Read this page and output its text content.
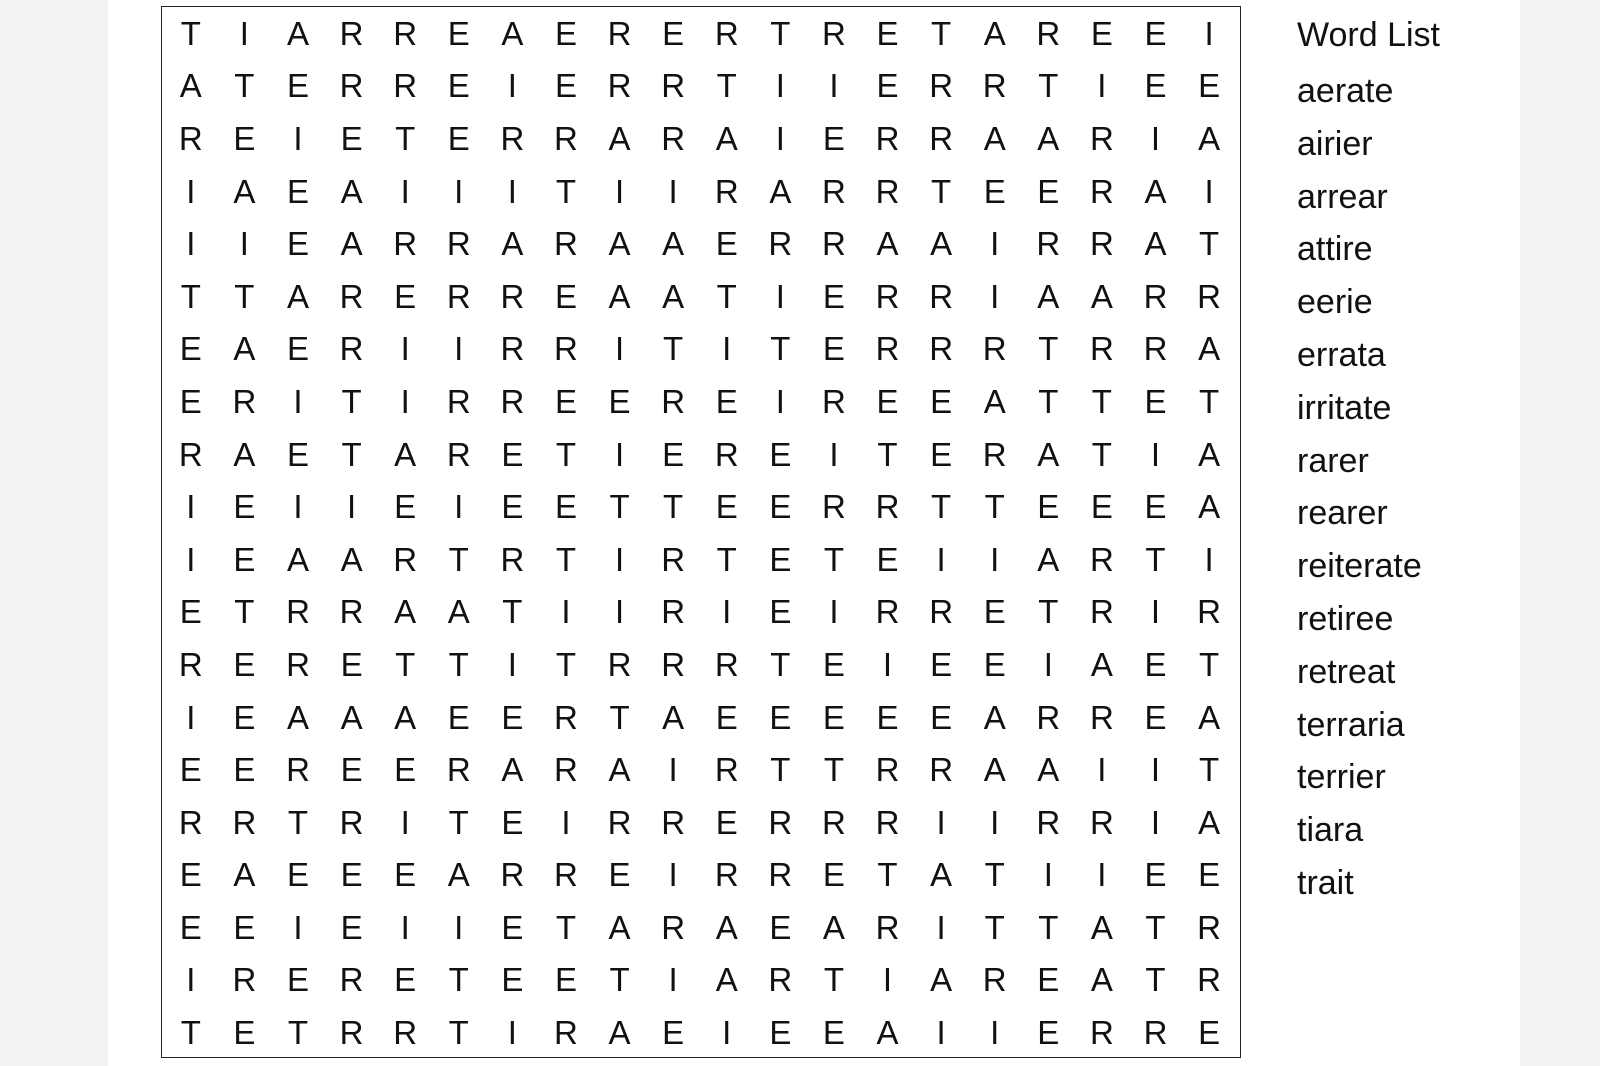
T	I	A R R E A E R E R T R E T A R E E	I
A T E R R E	I	E R R T	I	I	E R R T	I	E E
R E	I	E T E R R A R A	I	E R R A A R	I	A
I	A E A	I	I	I	T	I	I	R A R R T E E R A	I
I	I	E A R R A R A A E R R A A	I	R R A T
T	T A R E R R E A A T	I	E R R	I	A A R R
E A E R	I	I	R R	I	T	I	T E R R R T R R A
E R	I	T	I	R R E E R E	I	R E E A T	T E T
R A E T A R E T	I	E R E	I	T E R A T	I	A
I	E	I	I	E	I	E E T	T E E R R T	T E E E A
I	E A A R T R T	I	R T E T E	I	I	A R T	I
E T R R A A T	I	I	R	I	E	I	R R E T R	I	R
R E R E T	T	I	T R R R T E	I	E E	I	A E T
I	E A A A E E R T A E E E E E A R R E A
E E R E E R A R A	I	R T	T R R A A	I	I	T
R R T R	I	T E	I	R R E R R R	I	I	R R	I	A
E A E E E A R R E	I	R R E T A T	I	I	E E
E E	I	E	I	I	E T A R A E A R	I	T	T A T R
I	R E R E T E E T	I	A R T	I	A R E A T R
T E T R R T	I	R A E	I	E E A	I	I	E R R E
Word List
aerate
airier
arrear
attire
eerie
errata
irritate
rarer
rearer
reiterate
retiree
retreat
terraria
terrier
tiara
trait
